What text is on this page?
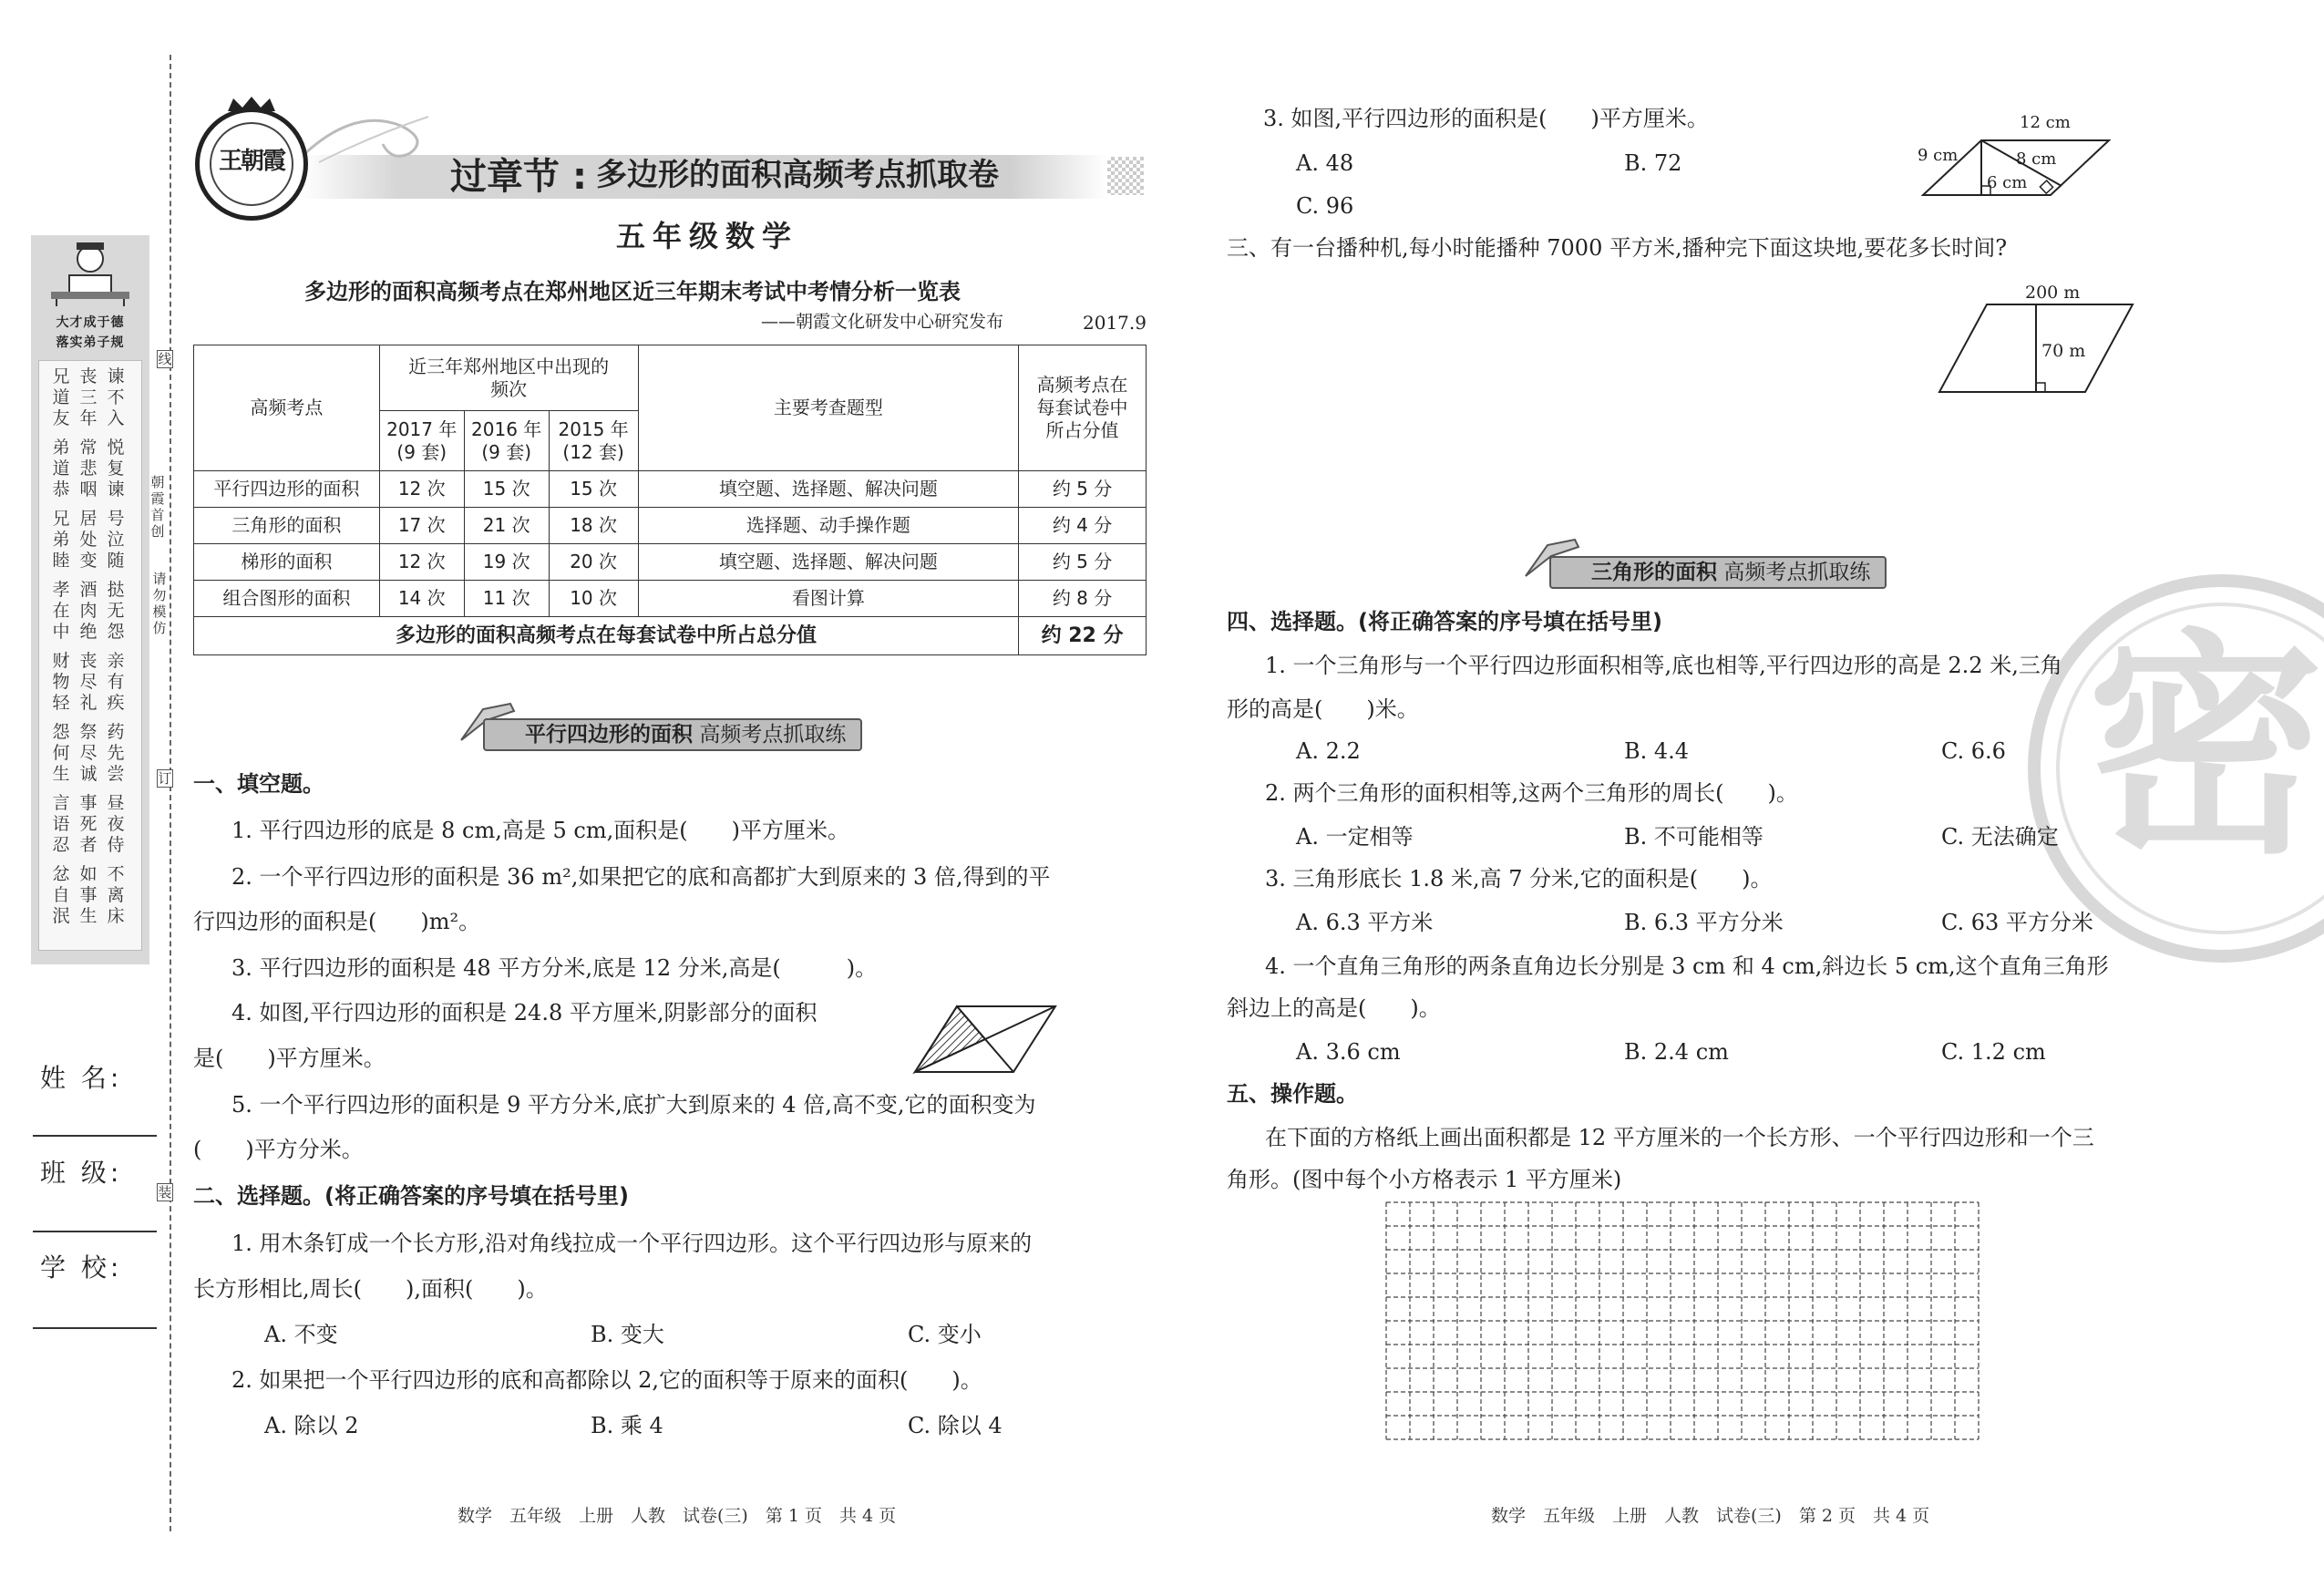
大才成于德
落实弟子规
兄道友
弟道恭
兄弟睦
孝在中
财物轻
怨何生
言语忍
忿自泯
丧三年
常悲咽
居处变
酒肉绝
丧尽礼
祭尽诚
事死者
如事生
谏不入
悦复谏
号泣随
挞无怨
亲有疾
药先尝
昼夜侍
不离床
姓 名:
班 级:
学 校:
线
订
装
朝霞首创
请勿模仿
王朝霞	过章节 : 多边形的面积高频考点抓取卷
五年级数学
多边形的面积高频考点在郑州地区近三年期末考试中考情分析一览表
——朝霞文化研发中心研究发布	2017.9
高频考点	近三年郑州地区中出现的频次			主要考查题型	高频考点在每套试卷中所占分值
	2017 年(9 套)	2016 年(9 套)	2015 年(12 套)		
平行四边形的面积	12 次	15 次	15 次	填空题、选择题、解决问题	约 5 分
三角形的面积	17 次	21 次	18 次	选择题、动手操作题	约 4 分
梯形的面积	12 次	19 次	20 次	填空题、选择题、解决问题	约 5 分
组合图形的面积	14 次	11 次	10 次	看图计算	约 8 分
多边形的面积高频考点在每套试卷中所占总分值					约 22 分
平行四边形的面积 高频考点抓取练
一、填空题。
1. 平行四边形的底是 8 cm,高是 5 cm,面积是(　　)平方厘米。
2. 一个平行四边形的面积是 36 m²,如果把它的底和高都扩大到原来的 3 倍,得到的平
行四边形的面积是(　　)m²。
3. 平行四边形的面积是 48 平方分米,底是 12 分米,高是(　　　)。
4. 如图,平行四边形的面积是 24.8 平方厘米,阴影部分的面积
是(　　)平方厘米。
5. 一个平行四边形的面积是 9 平方分米,底扩大到原来的 4 倍,高不变,它的面积变为
(　　)平方分米。
二、选择题。(将正确答案的序号填在括号里)
1. 用木条钉成一个长方形,沿对角线拉成一个平行四边形。这个平行四边形与原来的
长方形相比,周长(　　),面积(　　)。
A. 不变	B. 变大	C. 变小
2. 如果把一个平行四边形的底和高都除以 2,它的面积等于原来的面积(　　)。
A. 除以 2	B. 乘 4	C. 除以 4
数学　五年级　上册　人教　试卷(三)　第 1 页　共 4 页
密
3. 如图,平行四边形的面积是(　　)平方厘米。
A. 48	B. 72
C. 96
12 cm
9 cm	8 cm
6 cm
三、有一台播种机,每小时能播种 7000 平方米,播种完下面这块地,要花多长时间?
200 m
70 m
三角形的面积 高频考点抓取练
四、选择题。(将正确答案的序号填在括号里)
1. 一个三角形与一个平行四边形面积相等,底也相等,平行四边形的高是 2.2 米,三角
形的高是(　　)米。
A. 2.2	B. 4.4	C. 6.6
2. 两个三角形的面积相等,这两个三角形的周长(　　)。
A. 一定相等	B. 不可能相等	C. 无法确定
3. 三角形底长 1.8 米,高 7 分米,它的面积是(　　)。
A. 6.3 平方米	B. 6.3 平方分米	C. 63 平方分米
4. 一个直角三角形的两条直角边长分别是 3 cm 和 4 cm,斜边长 5 cm,这个直角三角形
斜边上的高是(　　)。
A. 3.6 cm	B. 2.4 cm	C. 1.2 cm
五、操作题。
在下面的方格纸上画出面积都是 12 平方厘米的一个长方形、一个平行四边形和一个三
角形。(图中每个小方格表示 1 平方厘米)
数学　五年级　上册　人教　试卷(三)　第 2 页　共 4 页
